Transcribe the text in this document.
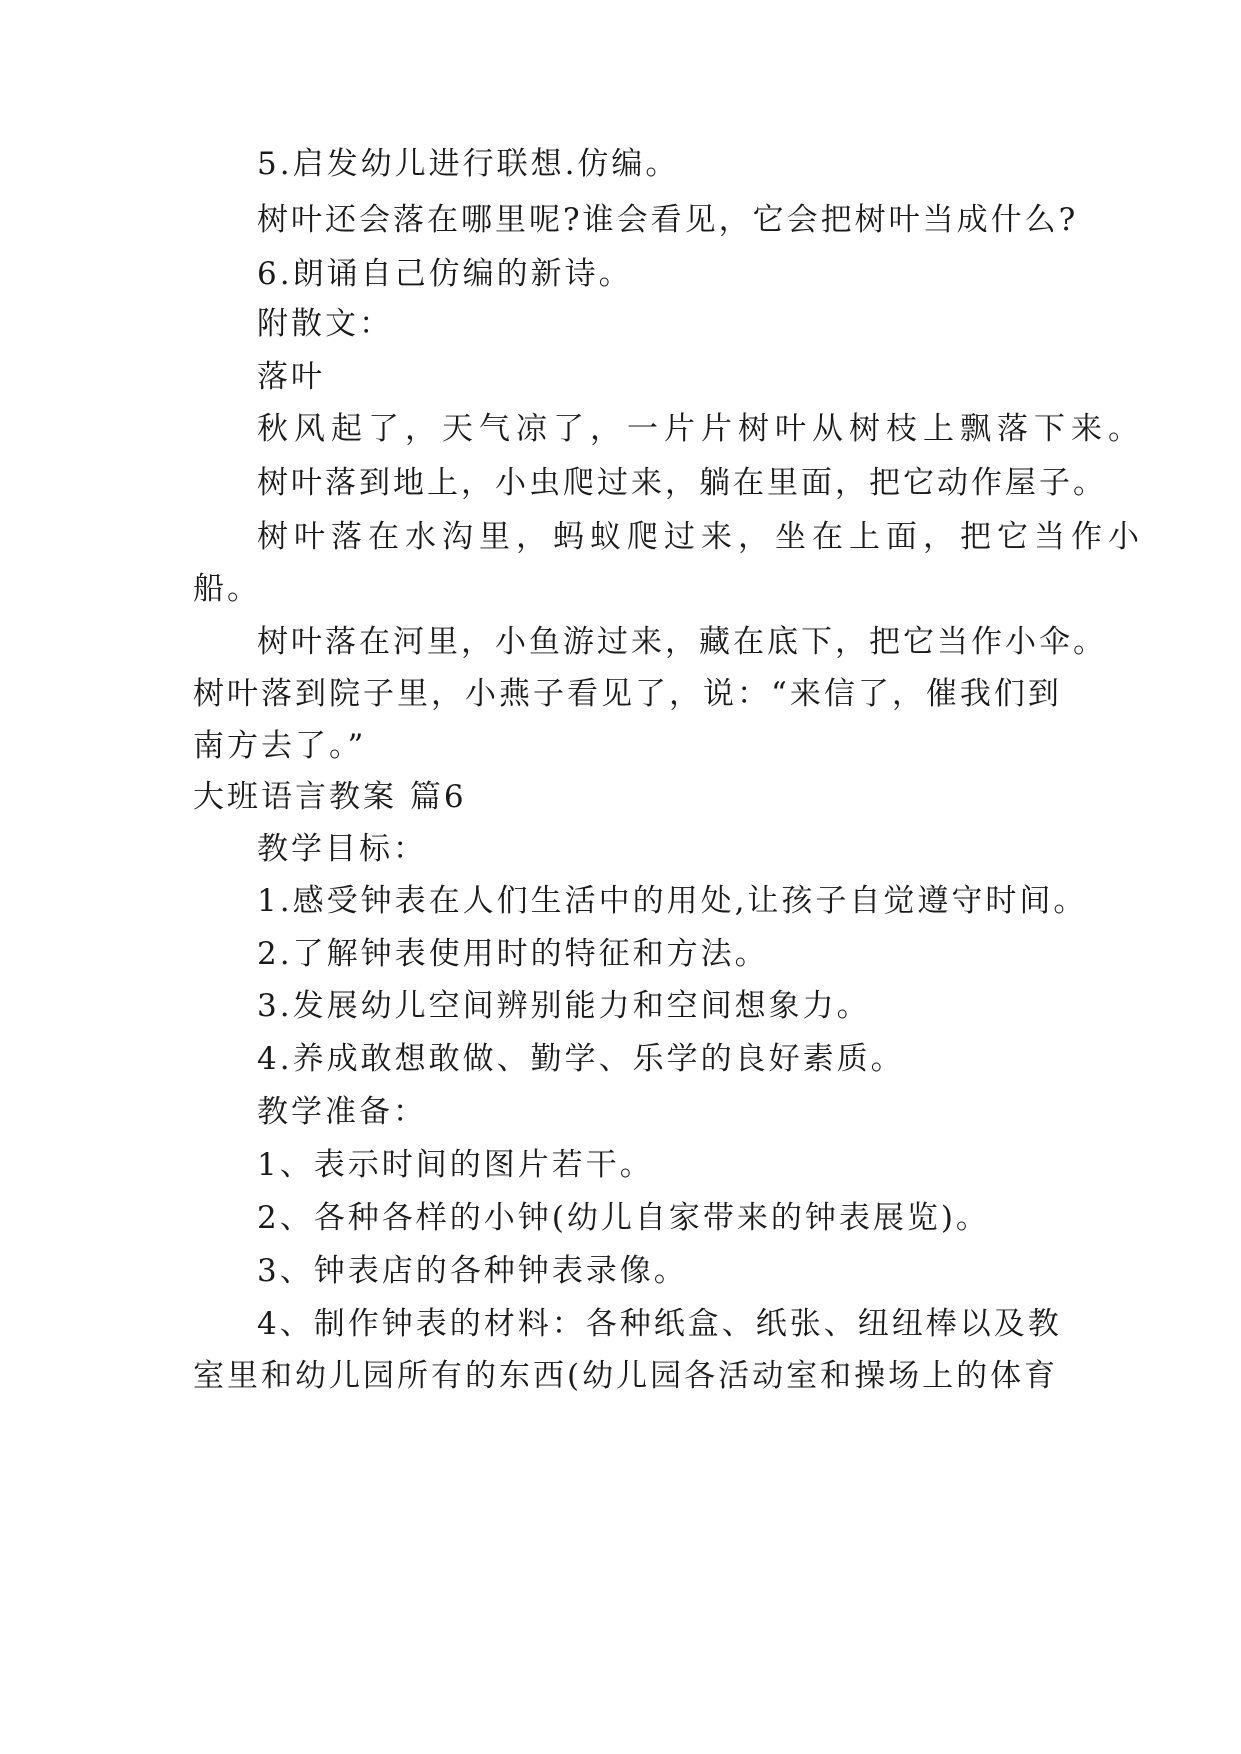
5.启发幼儿进行联想.仿编。
树叶还会落在哪里呢?谁会看见，它会把树叶当成什么?
6.朗诵自己仿编的新诗。
附散文：
落叶
秋风起了，天气凉了，一片片树叶从树枝上飘落下来。
树叶落到地上，小虫爬过来，躺在里面，把它动作屋子。
树叶落在水沟里，蚂蚁爬过来，坐在上面，把它当作小
船。
树叶落在河里，小鱼游过来，藏在底下，把它当作小伞。
树叶落到院子里，小燕子看见了，说：“来信了，催我们到
南方去了。”
大班语言教案 篇6
教学目标：
1.感受钟表在人们生活中的用处,让孩子自觉遵守时间。
2.了解钟表使用时的特征和方法。
3.发展幼儿空间辨别能力和空间想象力。
4.养成敢想敢做、勤学、乐学的良好素质。
教学准备：
1、表示时间的图片若干。
2、各种各样的小钟(幼儿自家带来的钟表展览)。
3、钟表店的各种钟表录像。
4、制作钟表的材料：各种纸盒、纸张、纽纽棒以及教
室里和幼儿园所有的东西(幼儿园各活动室和操场上的体育
